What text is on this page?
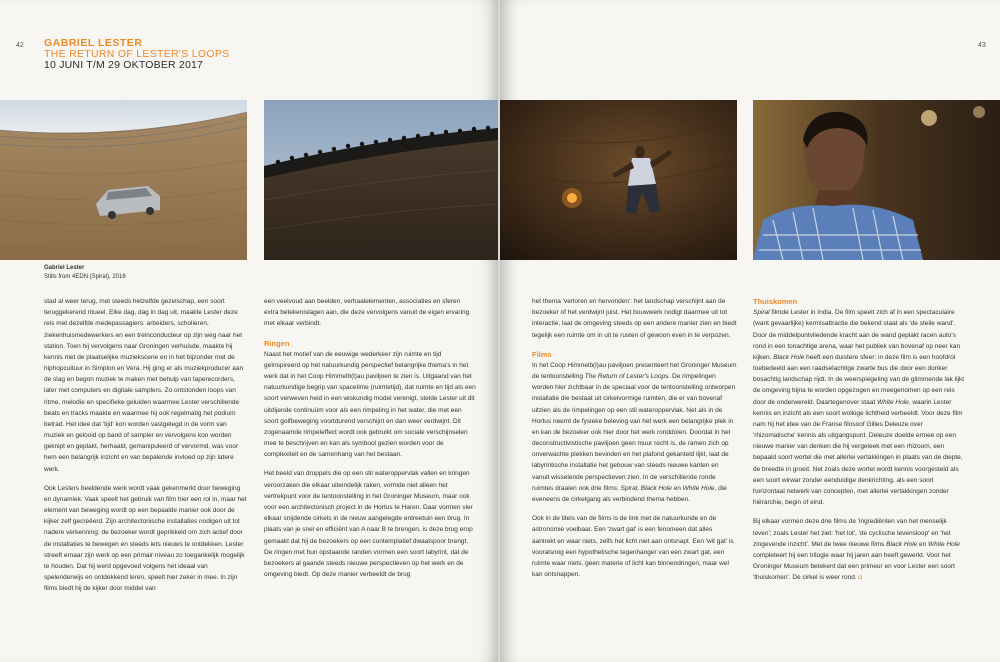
42 GABRIEL LESTER
THE RETURN OF LESTER'S LOOPS
10 JUNI T/M 29 OKTOBER 2017
Gabriel Lester
Stills from 4EDN (Spiral), 2016

stad al weer terug, met steeds hetzelfde gezelschap, een soort teruggekerend ritueel. Elke dag, dag in dag uit, maakte Lester deze reis met dezelfde medepassagiers: arbeiders, scholieren, ziekenhuismedewerkers en een treinconducteur op zijn weg naar het station. Toen hij vervolgens naar Groningen verhuisde, maakte hij kennis met de plaatselijke muziekscene en in het bijzonder met de hiphopcultuur in Simplon en Vera. Hij ging er als muziekproducer aan de slag en begon muziek te maken met behulp van taperecorders, later met computers en digitale samplers. Zo ontstonden loops van ritme, melodie en specifieke geluiden waarmee Lester verschillende beats en tracks maakte en waarmee hij ook regelmatig het podium betrad. Het idee dat 'tijd' kon worden vastgelegd in de vorm van muziek en gelooid op band of sampler en vervolgens kon worden geknipt en geplakt, herhaald, gemanipuleerd of vervormd, was voor hem een belangrijk inzicht en van bepalende invloed op zijn latere werk.

Ook Lesters beeldende werk wordt vaak gekenmerkt door beweging en dynamiek. Vaak speelt het gebruik van film hier een rol in, maar het element van beweging wordt op een bepaalde manier ook door de kijker zelf gecreëerd. Zijn architectonische installaties nodigen uit tot nadere verkenning: de bezoeker wordt geprikkeld om zich actief door de installaties te bewegen en steeds iets nieuws te ontdekken. Lester streeft ernaar zijn werk op een primair niveau zo toegankelijk mogelijk te houden. Dat hij werd opgevoed volgens het ideaal van spelenderwijs en ontdekkend leren, speelt hier zeker in mee. In zijn films biedt hij de kijker door middel van

een veelvoud aan beelden, verhaalelementen, associaties en sferen extra betekenislagen aan, die deze vervolgens vanuit de eigen ervaring met elkaar verbindt.

Ringen

Naast het motief van de eeuwige wederkeer zijn ruimte en tijd geïnspireerd op het natuurkundig perspectief belangrijke thema's in het werk dat in het Coop Himmelb(l)au paviljoen te zien is. Uitgaand van het natuurkundige begrip van spacetime (ruimtetijd), dat ruimte en tijd als een soort verweven heid in een wiskundig model verenigt, stelde Lester uit dit uitdijende continuüm voor als een rimpeling in het water, die met een soort golfbeweging voortdurend verschijnt en dan weer verdwijnt. Dit zogenaamde rimpeleffect wordt ook gebruikt om sociale verschijnselen mee te beschrijven en kan als symbool gezien worden voor de complexiteit en de samenhang van het bestaan.

Het beeld van druppels die op een stil wateroppervlak vallen en kringen veroorzaken die elkaar uiteindelijk raken, vormde niet alleen het vertrekpunt voor de tentoonstelling in het Groninger Museum, maar ook voor een architectonisch project in de Hortus te Haren. Daar vormen vier elkaar snijdende cirkels in de nieuw aangelegde entreetuin een brug. In plaats van je snel en efficiënt van A naar B te brengen, is deze brug erop gemaakt dat hij de bezoekers op een contemplatief dwaalspoor brengt. De ringen met hun opstaande randen vormen een soort labyrint, dat de bezoekers al gaande steeds nieuwe perspectieven op het werk en de omgeving biedt. Op deze manier verbeeldt de brug

43

het thema 'verloren en hervonden': het landschap verschijnt aan de bezoeker of het verdwijnt juist. Het bouwwerk nodigt daarmee uit tot interactie, laat de omgeving steeds op een andere manier zien en biedt tegelijk een ruimte om in uit te rusten of gewoon even in te verpozen.

Films

In het Coop Himmelb(l)au paviljoen presenteert het Groninger Museum de tentoonstelling The Return of Lester's Loops. De rimpelingen worden hier zichtbaar in de speciaal voor de tentoonstelling ontworpen installatie die bestaat uit cirkelvormige ruimten, die er van bovenaf uitzien als de rimpelingen op een stil wateroppervlak. Net als in de Hortus neemt de fysieke beleving van het werk een belangrijke plek in en kan de bezoeker ook hier door het werk ronddolen. Doordat in het deconstructivistische paviljoen geen muur recht is, de ramen zich op onverwachte plekken bevinden en het plafond gekanteld lijkt, laat de labyrintische installatie het gebouw van steeds nieuwe kanten en vanuit wisselende perspectieven zien. In de verschillende ronde ruimtes draaien ook drie films: Spiral, Black Hole en White Hole, die eveneens de cirkelgang als verbindend thema hebben.

Ook in de titels van de films is de link met de natuurkunde en de astronomie voelbaar. Een 'zwart gat' is een fenomeen dat alles aantrekt en waar niets, zelfs het licht niet aan ontsnapt. Een 'wit gat' is vooralsnog een hypothetische tegenhanger van een zwart gat, een ruimte waar niets, geen materie of licht kan binnendringen, maar wel kan ontsnappen.

Thuiskomen

Spiral filmde Lester in India. De film speelt zich af in een spectaculaire (want gevaarlijke) kermisattractie die bekend staat als 'de steile wand'. Door de middelpuntvliedende kracht aan de wand geplakt racen auto's rond in een tonachtige arena, waar het publiek van bovenaf op neer kan kijken. Black Hole heeft een duistere sfeer: in deze film is een hoofdrol toebedeeld aan een raadselachtige zwarte bus die door een donker bosachtig landschap rijdt. In de weerspiegeling van de glimmende lak lijkt de omgeving bijna te worden opgezogen en meegenomen op een reis door de onderwereld. Daartegenover staat White Hole, waarin Lester kennis en inzicht als een soort wolkige lichtheid verbeeldt. Voor deze film nam hij het idee van de Franse filosoof Gilles Deleuze over 'rhizomatische' kennis als uitgangspunt. Deleuze doelde ermee op een nieuwe manier van denken die hij vergeleek met een rhizoom, een bepaald soort wortel die met allerlei vertakkingen in plaats van de diepte, de breedte in groeit. Net zoals deze wortel wordt kennis voorgesteld als een soort wirwar zonder eenduidige denkrichting, als een soort horizontaal netwerk van concepten, met allerlei vertakkingen zonder hiërarchie, begin of eind.

Bij elkaar vormen deze drie films de 'ingrediënten van het menselijk leven'; zoals Lester het ziet: 'het lot', 'de cyclische levensloop' en 'het zingevende inzicht'. Met de twee nieuwe films Black Hole en White Hole completeert hij een trilogie waar hij jaren aan heeft gewerkt. Voor het Groninger Museum betekent dat een primeur en voor Lester een soort 'thuiskomen'. De cirkel is weer rond. ◘
